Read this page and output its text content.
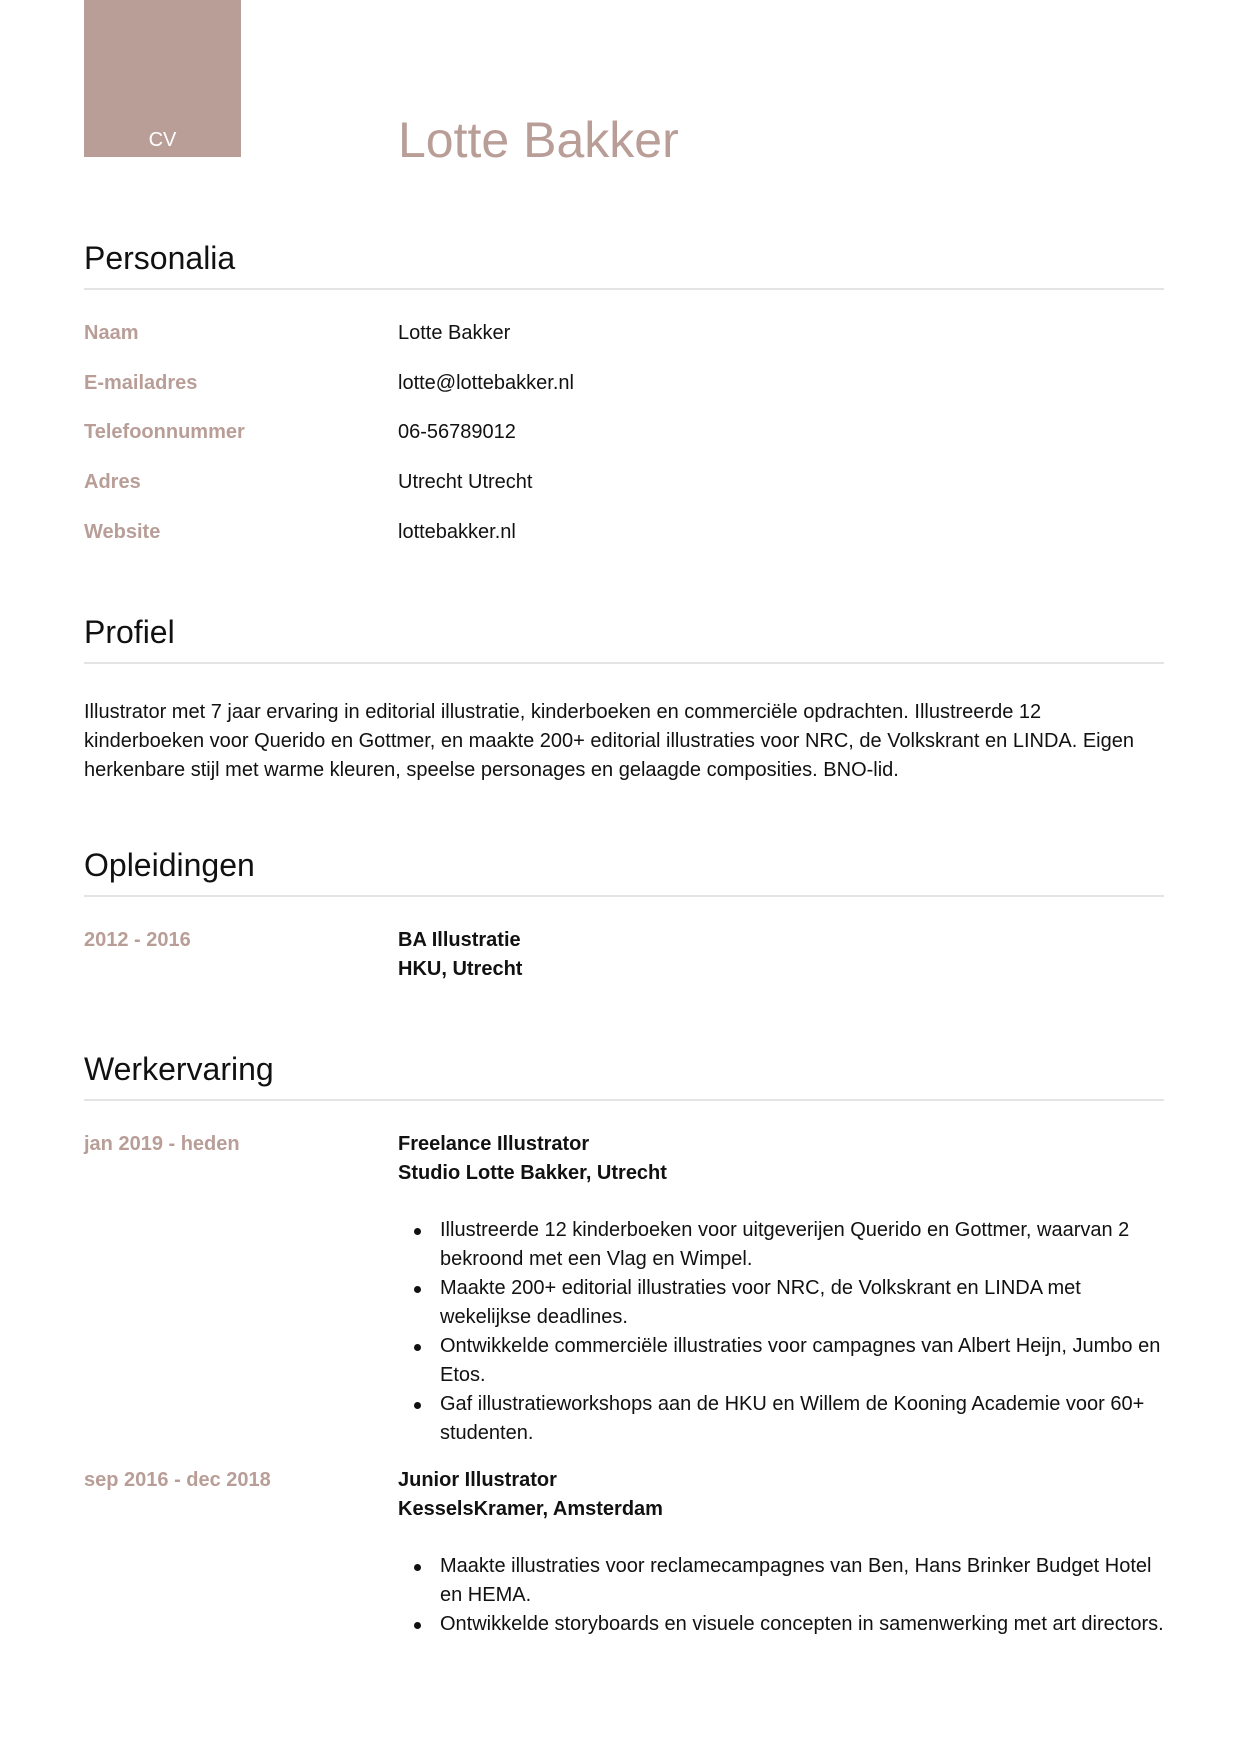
CV	Lotte Bakker
Personalia
Naam	Lotte Bakker
E-mailadres	lotte@lottebakker.nl
Telefoonnummer	06-56789012
Adres	Utrecht Utrecht
Website	lottebakker.nl
Profiel
Illustrator met 7 jaar ervaring in editorial illustratie, kinderboeken en commerciële opdrachten. Illustreerde 12 kinderboeken voor Querido en Gottmer, en maakte 200+ editorial illustraties voor NRC, de Volkskrant en LINDA. Eigen herkenbare stijl met warme kleuren, speelse personages en gelaagde composities. BNO-lid.
Opleidingen
2012 - 2016	BA Illustratie
HKU, Utrecht
Werkervaring
jan 2019 - heden	Freelance Illustrator
Studio Lotte Bakker, Utrecht
Illustreerde 12 kinderboeken voor uitgeverijen Querido en Gottmer, waarvan 2 bekroond met een Vlag en Wimpel.
Maakte 200+ editorial illustraties voor NRC, de Volkskrant en LINDA met wekelijkse deadlines.
Ontwikkelde commerciële illustraties voor campagnes van Albert Heijn, Jumbo en Etos.
Gaf illustratieworkshops aan de HKU en Willem de Kooning Academie voor 60+ studenten.
sep 2016 - dec 2018	Junior Illustrator
KesselsKramer, Amsterdam
Maakte illustraties voor reclamecampagnes van Ben, Hans Brinker Budget Hotel en HEMA.
Ontwikkelde storyboards en visuele concepten in samenwerking met art directors.
